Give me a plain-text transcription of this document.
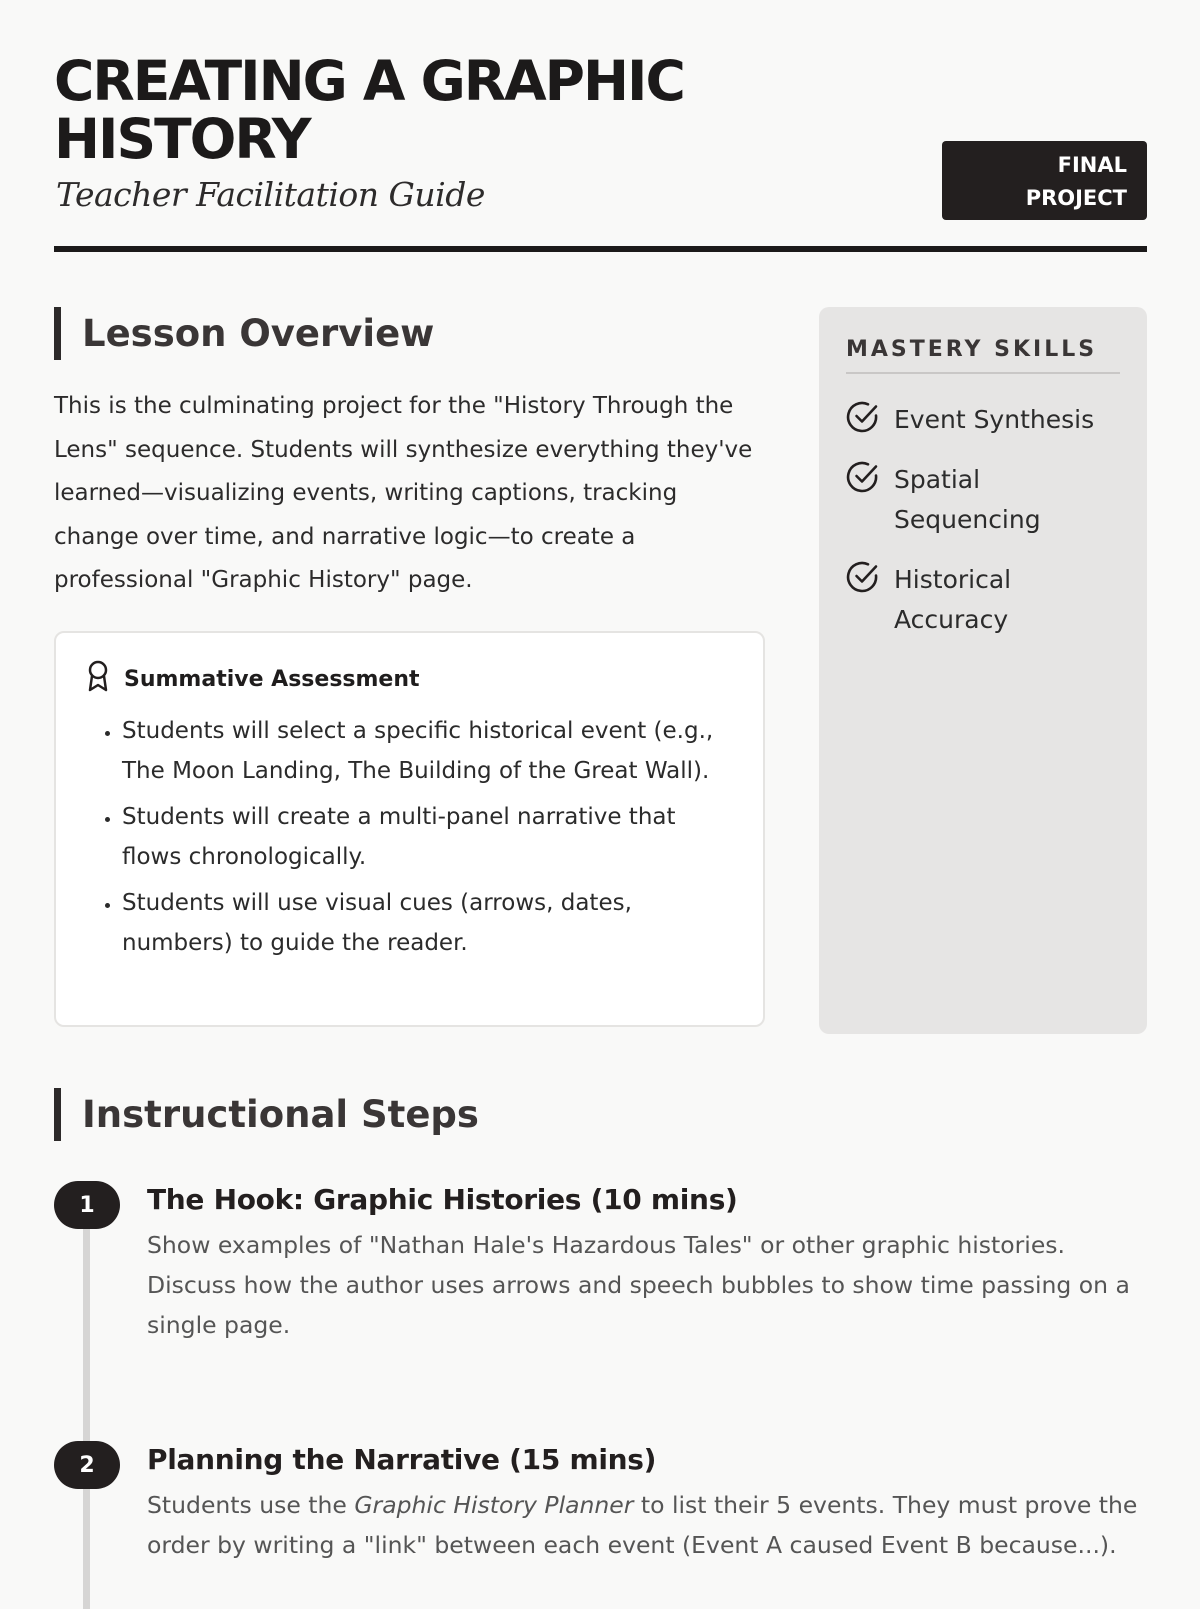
CREATING A GRAPHIC HISTORY
Teacher Facilitation Guide
FINAL
PROJECT
Lesson Overview
This is the culminating project for the "History Through the Lens" sequence. Students will synthesize everything they've learned—visualizing events, writing captions, tracking change over time, and narrative logic—to create a professional "Graphic History" page.
Summative Assessment
• Students will select a specific historical event (e.g., The Moon Landing, The Building of the Great Wall).
• Students will create a multi-panel narrative that flows chronologically.
• Students will use visual cues (arrows, dates, numbers) to guide the reader.
MASTERY SKILLS
Event Synthesis
Spatial Sequencing
Historical Accuracy
Instructional Steps
1	The Hook: Graphic Histories (10 mins)
Show examples of "Nathan Hale's Hazardous Tales" or other graphic histories. Discuss how the author uses arrows and speech bubbles to show time passing on a single page.
2	Planning the Narrative (15 mins)
Students use the Graphic History Planner to list their 5 events. They must prove the order by writing a "link" between each event (Event A caused Event B because...).
